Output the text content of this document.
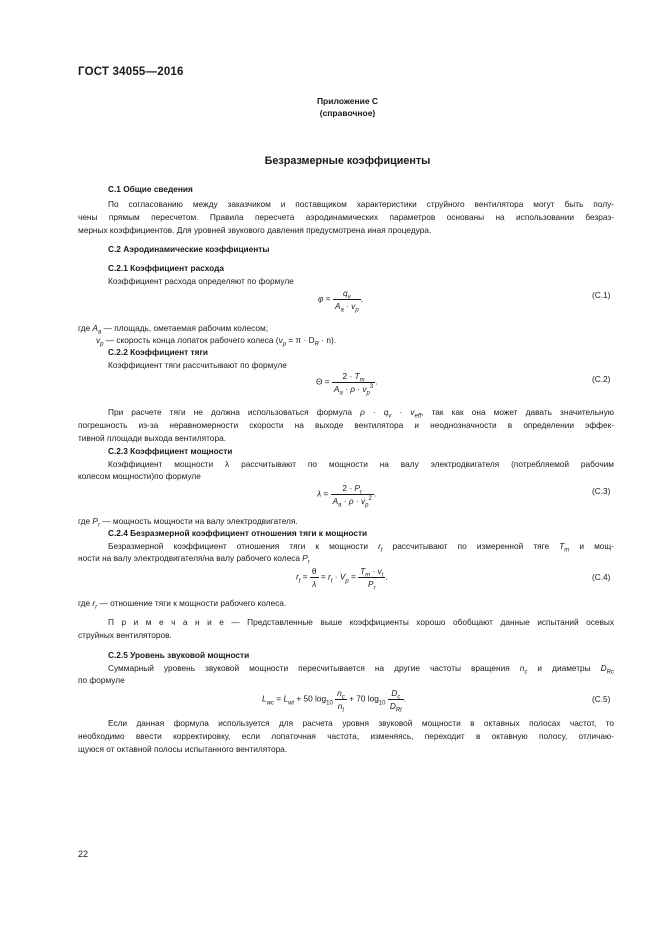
ГОСТ 34055—2016
Приложение С
(справочное)
Безразмерные коэффициенты
С.1 Общие сведения
По согласованию между заказчиком и поставщиком характеристики струйного вентилятора могут быть полу-
чены прямым пересчетом. Правила пересчета аэродинамических параметров основаны на использовании безраз-
мерных коэффициентов. Для уровней звукового давления предусмотрена иная процедура.
С.2 Аэродинамические коэффициенты
С.2.1 Коэффициент расхода
Коэффициент расхода определяют по формуле
$\varphi = \frac{q_v}{A_a \cdot v_p}$ ,	(С.1)
где $A_a$ — площадь, ометаемая рабочим колесом;
$v_p$ — скорость конца лопаток рабочего колеса $(v_p = \pi \cdot D_R \cdot n)$.
С.2.2 Коэффициент тяги
Коэффициент тяги рассчитывают по формуле
$\Theta = \frac{2 \cdot T_m}{A_a \cdot \rho \cdot v_p^3}$ .	(С.2)
При расчете тяги не должна использоваться формула $\rho \cdot q_v \cdot v_{eff}$, так как она может давать значительную
погрешность из-за неравномерности скорости на выходе вентилятора и неоднозначности в определении эффек-
тивной площади выхода вентилятора.
С.2.3 Коэффициент мощности
Коэффициент мощности λ рассчитывают по мощности на валу электродвигателя (потребляемой рабочим
колесом мощности)по формуле
$\lambda = \frac{2 \cdot P_r}{A_a \cdot \rho \cdot v_p^2}$ .	(С.3)
где $P_r$ — мощность мощности на валу электродвигателя.
С.2.4 Безразмерной коэффициент отношения тяги к мощности
Безразмерной коэффициент отношения тяги к мощности $r_t$ рассчитывают по измеренной тяге $T_m$ и мощ-
ности на валу электродвигателя/на валу рабочего колеса $P_r$
$r_t = \frac{\theta}{\lambda} = r_t \cdot V_p = \frac{T_m \cdot v_t}{P_r}$ .	(С.4)
где $r_r$ — отношение тяги к мощности рабочего колеса.
П р и м е ч а н и е — Представленные выше коэффициенты хорошо обобщают данные испытаний осевых
струйных вентиляторов.
С.2.5 Уровень звуковой мощности
Суммарный уровень звуковой мощности пересчитывается на другие частоты вращения $n_c$ и диаметры $D_{Rc}$
по формуле
$L_{wc} = L_{wt} + 50$ $\log_{10} \frac{n_c}{n_t} + 70$ $\log_{10} \frac{D_c}{D_{Rt}}$ .	(С.5)
Если данная формула используется для расчета уровня звуковой мощности в октавных полосах частот, то
необходимо ввести корректировку, если лопаточная частота, изменяясь, переходит в октавную полосу, отличаю-
щуюся от октавной полосы испытанного вентилятора.
22
